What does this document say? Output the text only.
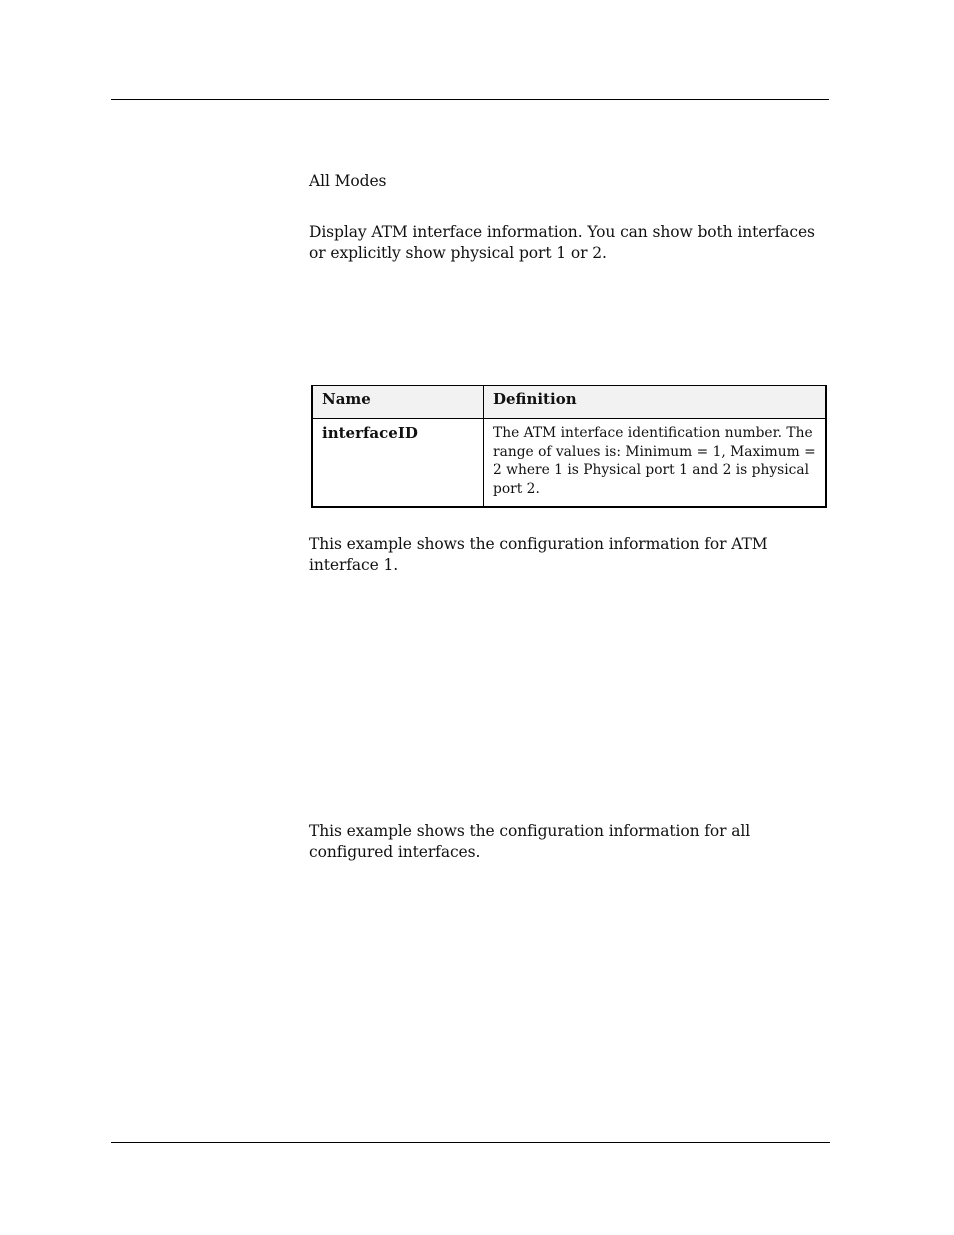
All Modes

Display ATM interface information. You can show both interfaces or explicitly show physical port 1 or 2.

Name	Definition
interfaceID	The ATM interface identification number. The range of values is: Minimum = 1, Maximum = 2 where 1 is Physical port 1 and 2 is physical port 2.

This example shows the configuration information for ATM interface 1.

This example shows the configuration information for all configured interfaces.
